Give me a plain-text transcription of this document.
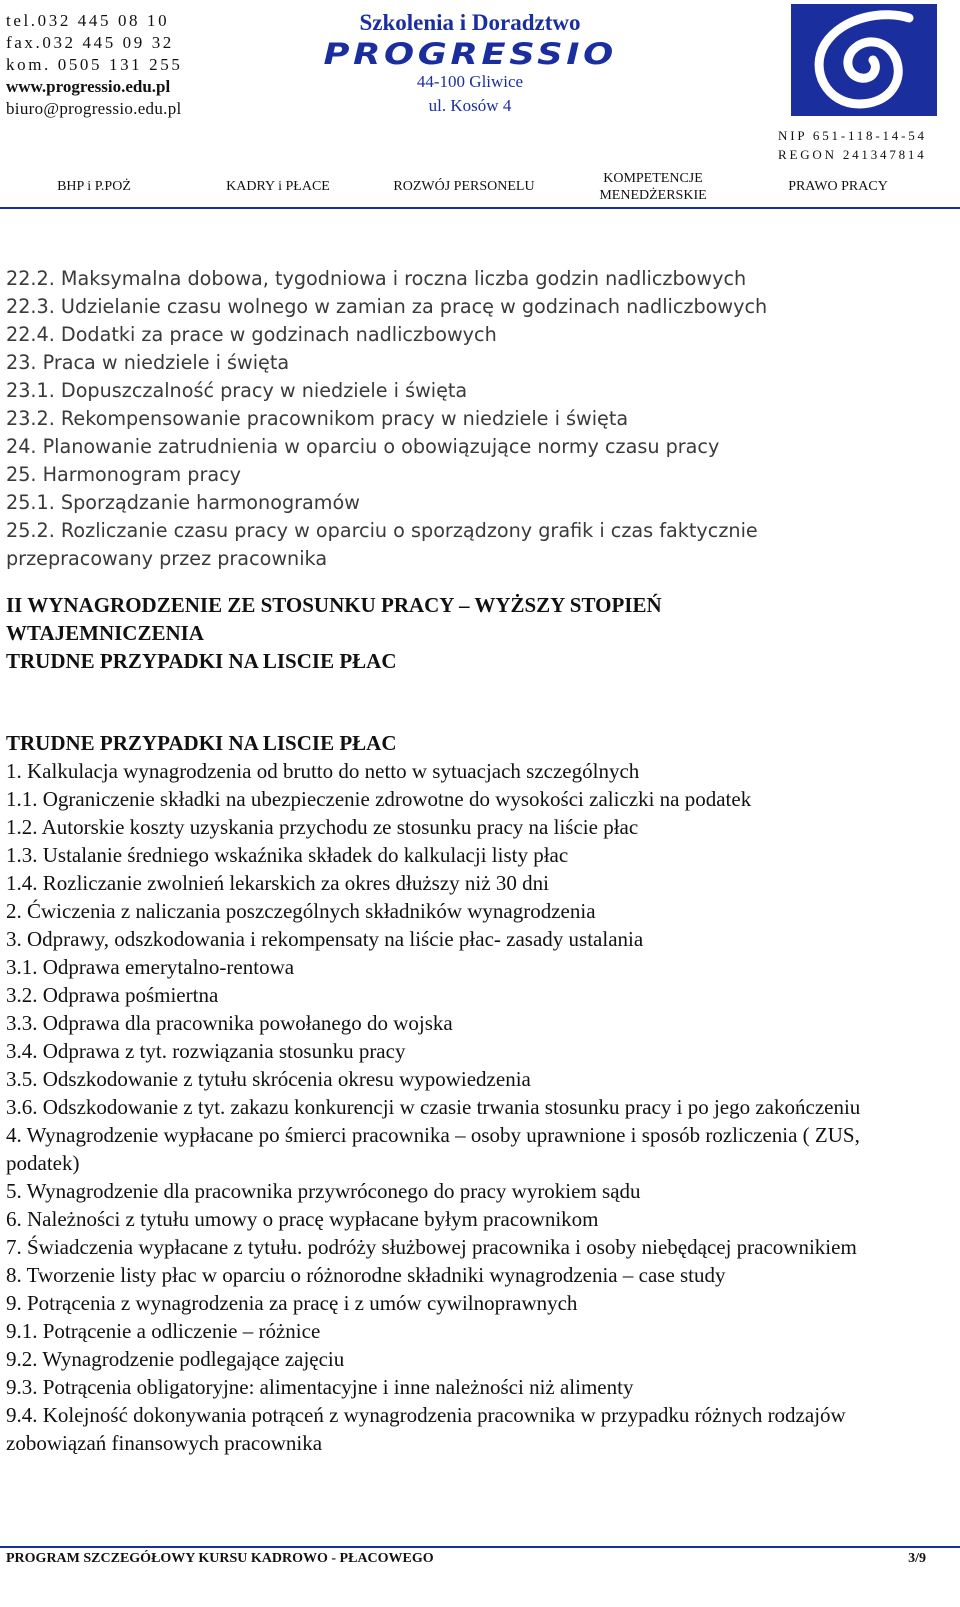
tel.032 445 08 10
fax.032 445 09 32
kom. 0505 131 255
www.progressio.edu.pl
biuro@progressio.edu.pl
Szkolenia i Doradztwo
PROGRESSIO
44-100 Gliwice
ul. Kosów 4
NIP 651-118-14-54
REGON 241347814
BHP i P.POŻ	KADRY i PŁACE	ROZWÓJ PERSONELU
KOMPETENCJE
MENEDŻERSKIE
PRAWO PRACY
22.2. Maksymalna dobowa, tygodniowa i roczna liczba godzin nadliczbowych
22.3. Udzielanie czasu wolnego w zamian za pracę w godzinach nadliczbowych
22.4. Dodatki za prace w godzinach nadliczbowych
23. Praca w niedziele i święta
23.1. Dopuszczalność pracy w niedziele i święta
23.2. Rekompensowanie pracownikom pracy w niedziele i święta
24. Planowanie zatrudnienia w oparciu o obowiązujące normy czasu pracy
25. Harmonogram pracy
25.1. Sporządzanie harmonogramów
25.2. Rozliczanie czasu pracy w oparciu o sporządzony grafik i czas faktycznie przepracowany przez pracownika
II WYNAGRODZENIE ZE STOSUNKU PRACY – WYŻSZY STOPIEŃ WTAJEMNICZENIA
TRUDNE PRZYPADKI NA LISCIE PŁAC
TRUDNE PRZYPADKI NA LISCIE PŁAC
1. Kalkulacja wynagrodzenia od brutto do netto w sytuacjach szczególnych
1.1. Ograniczenie składki na ubezpieczenie zdrowotne do wysokości zaliczki na podatek
1.2. Autorskie koszty uzyskania przychodu ze stosunku pracy na liście płac
1.3. Ustalanie średniego wskaźnika składek do kalkulacji listy płac
1.4. Rozliczanie zwolnień lekarskich za okres dłuższy niż 30 dni
2. Ćwiczenia z naliczania poszczególnych składników wynagrodzenia
3. Odprawy, odszkodowania i rekompensaty na liście płac- zasady ustalania
3.1. Odprawa emerytalno-rentowa
3.2. Odprawa pośmiertna
3.3. Odprawa dla pracownika powołanego do wojska
3.4. Odprawa z tyt. rozwiązania stosunku pracy
3.5. Odszkodowanie z tytułu skrócenia okresu wypowiedzenia
3.6. Odszkodowanie z tyt. zakazu konkurencji w czasie trwania stosunku pracy i po jego zakończeniu
4. Wynagrodzenie wypłacane po śmierci pracownika – osoby uprawnione i sposób rozliczenia ( ZUS, podatek)
5. Wynagrodzenie dla pracownika przywróconego do pracy wyrokiem sądu
6. Należności z tytułu umowy o pracę wypłacane byłym pracownikom
7. Świadczenia wypłacane z tytułu. podróży służbowej pracownika i osoby niebędącej pracownikiem
8. Tworzenie listy płac w oparciu o różnorodne składniki wynagrodzenia – case study
9. Potrącenia z wynagrodzenia za pracę i z umów cywilnoprawnych
9.1. Potrącenie a odliczenie – różnice
9.2. Wynagrodzenie podlegające zajęciu
9.3. Potrącenia obligatoryjne: alimentacyjne i inne należności niż alimenty
9.4. Kolejność dokonywania potrąceń z wynagrodzenia pracownika w przypadku różnych rodzajów zobowiązań finansowych pracownika
PROGRAM SZCZEGÓŁOWY KURSU KADROWO - PŁACOWEGO	3/9
